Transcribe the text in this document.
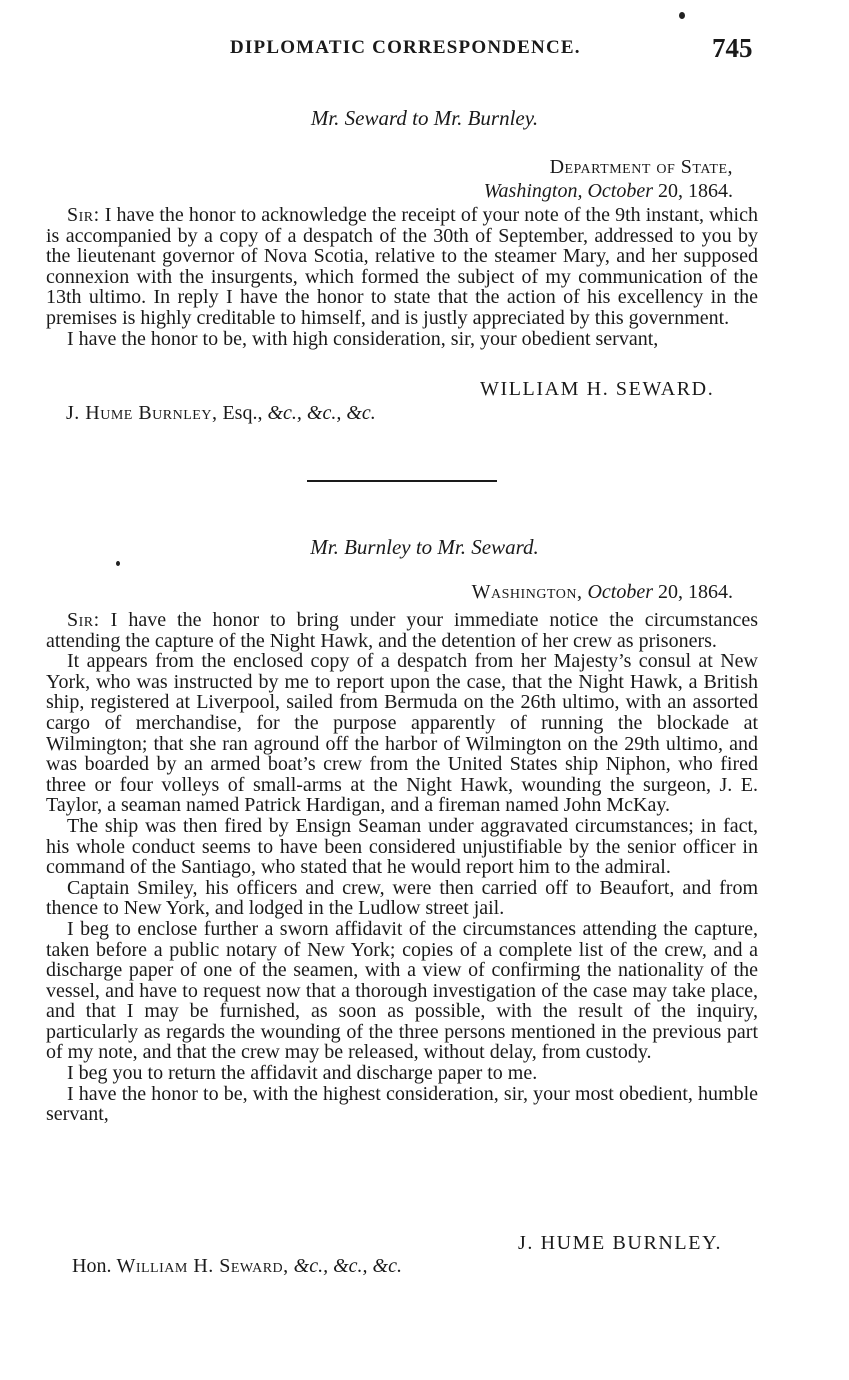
DIPLOMATIC CORRESPONDENCE.	745
Mr. Seward to Mr. Burnley.
Department of State,
Washington, October 20, 1864.

Sir: I have the honor to acknowledge the receipt of your note of the 9th instant, which is accompanied by a copy of a despatch of the 30th of September, addressed to you by the lieutenant governor of Nova Scotia, relative to the steamer Mary, and her supposed connexion with the insurgents, which formed the subject of my communication of the 13th ultimo. In reply I have the honor to state that the action of his excellency in the premises is highly creditable to himself, and is justly appreciated by this government.

I have the honor to be, with high consideration, sir, your obedient servant,

WILLIAM H. SEWARD.
J. Hume Burnley, Esq., &c., &c., &c.
Mr. Burnley to Mr. Seward.
Washington, October 20, 1864.

Sir: I have the honor to bring under your immediate notice the circumstances attending the capture of the Night Hawk, and the detention of her crew as prisoners.

It appears from the enclosed copy of a despatch from her Majesty’s consul at New York, who was instructed by me to report upon the case, that the Night Hawk, a British ship, registered at Liverpool, sailed from Bermuda on the 26th ultimo, with an assorted cargo of merchandise, for the purpose apparently of running the blockade at Wilmington; that she ran aground off the harbor of Wilmington on the 29th ultimo, and was boarded by an armed boat’s crew from the United States ship Niphon, who fired three or four volleys of small-arms at the Night Hawk, wounding the surgeon, J. E. Taylor, a seaman named Patrick Hardigan, and a fireman named John McKay.

The ship was then fired by Ensign Seaman under aggravated circumstances; in fact, his whole conduct seems to have been considered unjustifiable by the senior officer in command of the Santiago, who stated that he would report him to the admiral.

Captain Smiley, his officers and crew, were then carried off to Beaufort, and from thence to New York, and lodged in the Ludlow street jail.

I beg to enclose further a sworn affidavit of the circumstances attending the capture, taken before a public notary of New York; copies of a complete list of the crew, and a discharge paper of one of the seamen, with a view of confirming the nationality of the vessel, and have to request now that a thorough investigation of the case may take place, and that I may be furnished, as soon as possible, with the result of the inquiry, particularly as regards the wounding of the three persons mentioned in the previous part of my note, and that the crew may be released, without delay, from custody.

I beg you to return the affidavit and discharge paper to me.

I have the honor to be, with the highest consideration, sir, your most obedient, humble servant,

J. HUME BURNLEY.
Hon. William H. Seward, &c., &c., &c.
